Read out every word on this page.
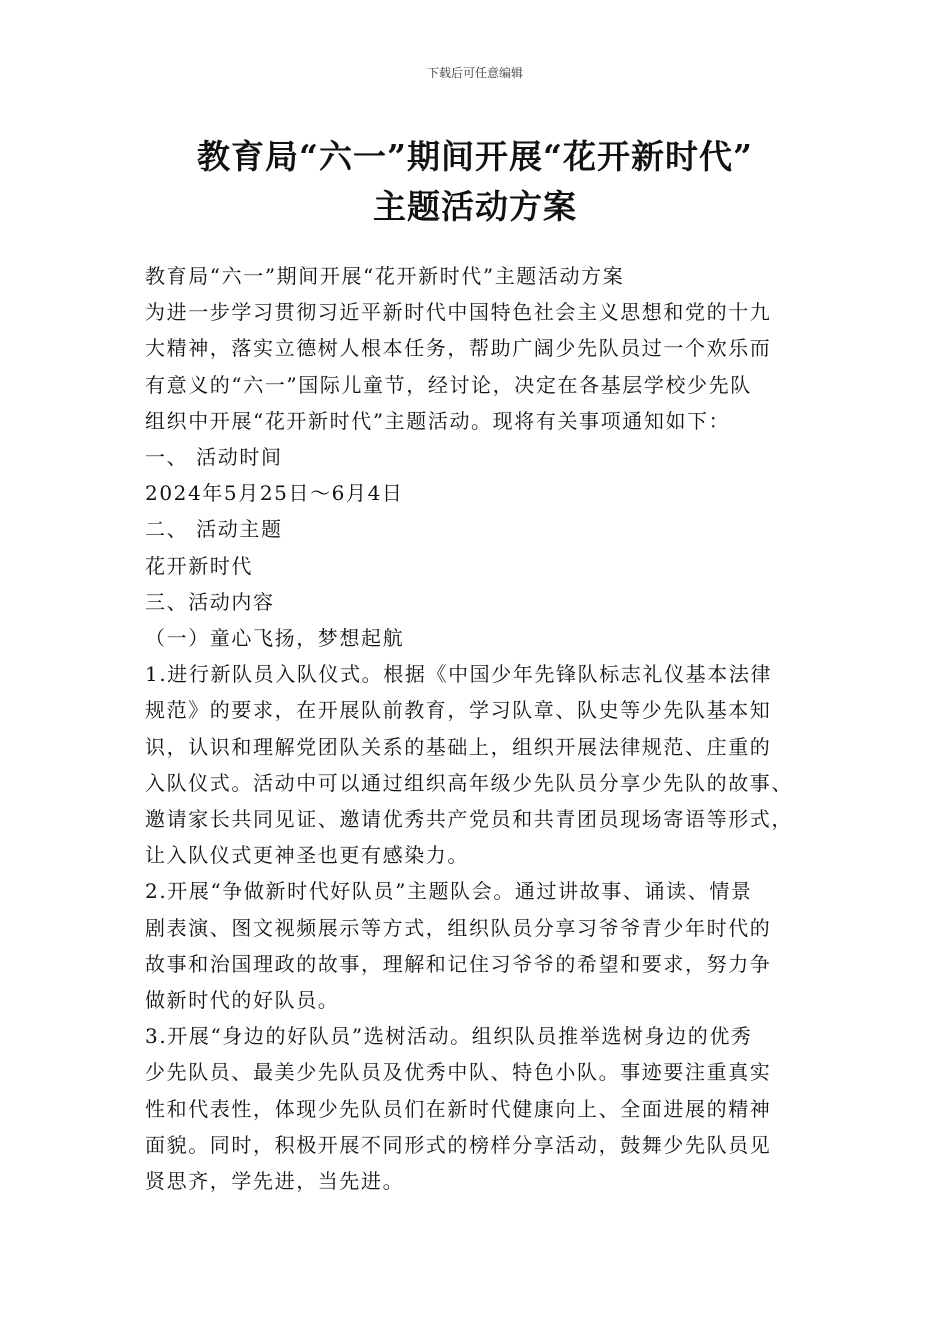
下载后可任意编辑
教育局“六一”期间开展“花开新时代”
主题活动方案

教育局“六一”期间开展“花开新时代”主题活动方案

为进一步学习贯彻习近平新时代中国特色社会主义思想和党的十九

大精神，落实立德树人根本任务，帮助广阔少先队员过一个欢乐而

有意义的“六一”国际儿童节，经讨论，决定在各基层学校少先队

组织中开展“花开新时代”主题活动。现将有关事项通知如下：

一、 活动时间

2024年5月25日～6月4日

二、 活动主题

花开新时代

三、活动内容

（一）童心飞扬，梦想起航

1.进行新队员入队仪式。根据《中国少年先锋队标志礼仪基本法律

规范》的要求，在开展队前教育，学习队章、队史等少先队基本知

识，认识和理解党团队关系的基础上，组织开展法律规范、庄重的

入队仪式。活动中可以通过组织高年级少先队员分享少先队的故事、

邀请家长共同见证、邀请优秀共产党员和共青团员现场寄语等形式，

让入队仪式更神圣也更有感染力。

2.开展“争做新时代好队员”主题队会。通过讲故事、诵读、情景

剧表演、图文视频展示等方式，组织队员分享习爷爷青少年时代的

故事和治国理政的故事，理解和记住习爷爷的希望和要求，努力争

做新时代的好队员。

3.开展“身边的好队员”选树活动。组织队员推举选树身边的优秀

少先队员、最美少先队员及优秀中队、特色小队。事迹要注重真实

性和代表性，体现少先队员们在新时代健康向上、全面进展的精神

面貌。同时，积极开展不同形式的榜样分享活动，鼓舞少先队员见

贤思齐，学先进，当先进。
